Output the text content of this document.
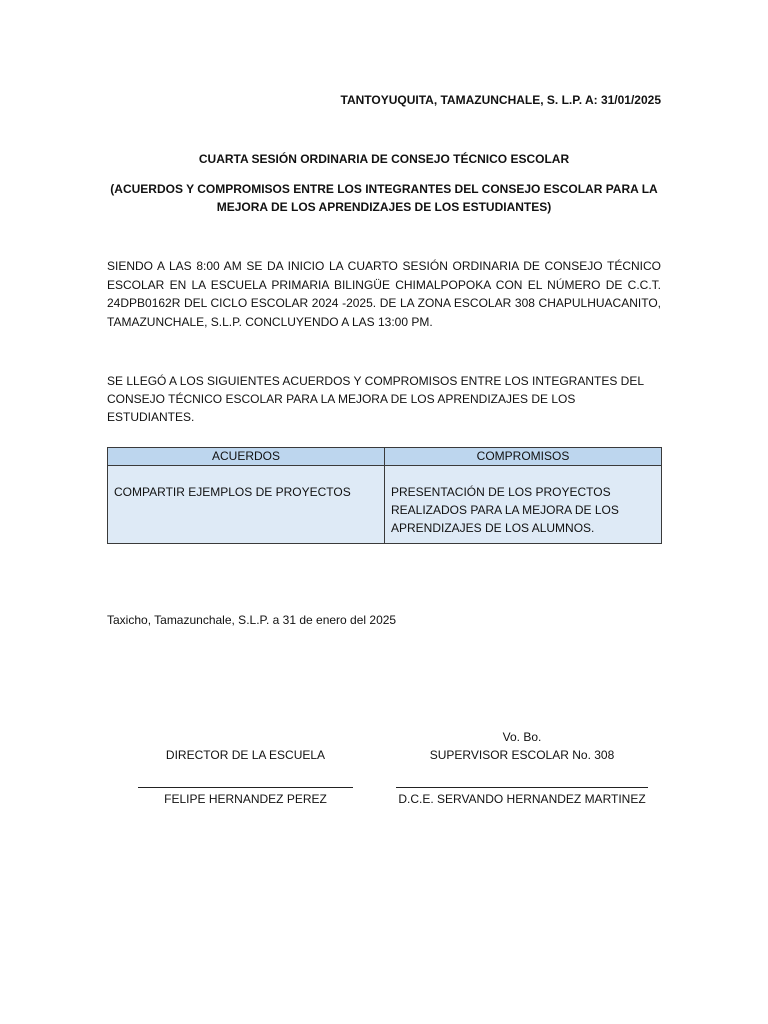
TANTOYUQUITA, TAMAZUNCHALE, S. L.P. A: 31/01/2025
CUARTA SESIÓN ORDINARIA DE CONSEJO TÉCNICO ESCOLAR
(ACUERDOS Y COMPROMISOS ENTRE LOS INTEGRANTES DEL CONSEJO ESCOLAR PARA LA MEJORA DE LOS APRENDIZAJES DE LOS ESTUDIANTES)
SIENDO A LAS 8:00 AM SE DA INICIO LA CUARTO SESIÓN ORDINARIA DE CONSEJO TÉCNICO ESCOLAR EN LA ESCUELA PRIMARIA BILINGÜE CHIMALPOPOKA CON EL NÚMERO DE C.C.T. 24DPB0162R DEL CICLO ESCOLAR 2024 -2025. DE LA ZONA ESCOLAR 308 CHAPULHUACANITO, TAMAZUNCHALE, S.L.P. CONCLUYENDO A LAS 13:00 PM.
SE LLEGÓ A LOS SIGUIENTES ACUERDOS Y COMPROMISOS ENTRE LOS INTEGRANTES DEL CONSEJO TÉCNICO ESCOLAR PARA LA MEJORA DE LOS APRENDIZAJES DE LOS ESTUDIANTES.
ACUERDOS	COMPROMISOS
COMPARTIR EJEMPLOS DE PROYECTOS	PRESENTACIÓN DE LOS PROYECTOS REALIZADOS PARA LA MEJORA DE LOS APRENDIZAJES DE LOS ALUMNOS.
Taxicho, Tamazunchale, S.L.P. a 31 de enero del 2025
DIRECTOR DE LA ESCUELA
FELIPE HERNANDEZ PEREZ
Vo. Bo.
SUPERVISOR ESCOLAR No. 308
D.C.E. SERVANDO HERNANDEZ MARTINEZ
